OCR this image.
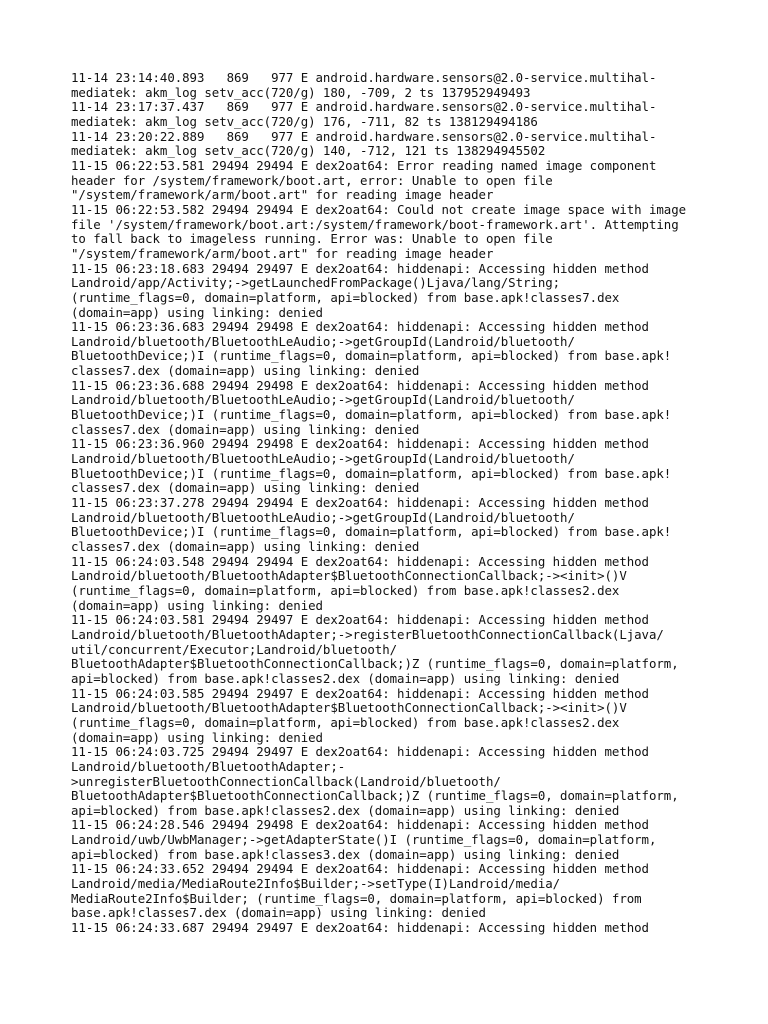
11-14 23:14:40.893   869   977 E android.hardware.sensors@2.0-service.multihal-

mediatek: akm_log setv_acc(720/g) 180, -709, 2 ts 137952949493

11-14 23:17:37.437   869   977 E android.hardware.sensors@2.0-service.multihal-

mediatek: akm_log setv_acc(720/g) 176, -711, 82 ts 138129494186

11-14 23:20:22.889   869   977 E android.hardware.sensors@2.0-service.multihal-

mediatek: akm_log setv_acc(720/g) 140, -712, 121 ts 138294945502

11-15 06:22:53.581 29494 29494 E dex2oat64: Error reading named image component

header for /system/framework/boot.art, error: Unable to open file

"/system/framework/arm/boot.art" for reading image header

11-15 06:22:53.582 29494 29494 E dex2oat64: Could not create image space with image

file '/system/framework/boot.art:/system/framework/boot-framework.art'. Attempting

to fall back to imageless running. Error was: Unable to open file

"/system/framework/arm/boot.art" for reading image header

11-15 06:23:18.683 29494 29497 E dex2oat64: hiddenapi: Accessing hidden method

Landroid/app/Activity;->getLaunchedFromPackage()Ljava/lang/String;

(runtime_flags=0, domain=platform, api=blocked) from base.apk!classes7.dex

(domain=app) using linking: denied

11-15 06:23:36.683 29494 29498 E dex2oat64: hiddenapi: Accessing hidden method

Landroid/bluetooth/BluetoothLeAudio;->getGroupId(Landroid/bluetooth/

BluetoothDevice;)I (runtime_flags=0, domain=platform, api=blocked) from base.apk!

classes7.dex (domain=app) using linking: denied

11-15 06:23:36.688 29494 29498 E dex2oat64: hiddenapi: Accessing hidden method

Landroid/bluetooth/BluetoothLeAudio;->getGroupId(Landroid/bluetooth/

BluetoothDevice;)I (runtime_flags=0, domain=platform, api=blocked) from base.apk!

classes7.dex (domain=app) using linking: denied

11-15 06:23:36.960 29494 29498 E dex2oat64: hiddenapi: Accessing hidden method

Landroid/bluetooth/BluetoothLeAudio;->getGroupId(Landroid/bluetooth/

BluetoothDevice;)I (runtime_flags=0, domain=platform, api=blocked) from base.apk!

classes7.dex (domain=app) using linking: denied

11-15 06:23:37.278 29494 29494 E dex2oat64: hiddenapi: Accessing hidden method

Landroid/bluetooth/BluetoothLeAudio;->getGroupId(Landroid/bluetooth/

BluetoothDevice;)I (runtime_flags=0, domain=platform, api=blocked) from base.apk!

classes7.dex (domain=app) using linking: denied

11-15 06:24:03.548 29494 29494 E dex2oat64: hiddenapi: Accessing hidden method

Landroid/bluetooth/BluetoothAdapter$BluetoothConnectionCallback;-><init>()V

(runtime_flags=0, domain=platform, api=blocked) from base.apk!classes2.dex

(domain=app) using linking: denied

11-15 06:24:03.581 29494 29497 E dex2oat64: hiddenapi: Accessing hidden method

Landroid/bluetooth/BluetoothAdapter;->registerBluetoothConnectionCallback(Ljava/

util/concurrent/Executor;Landroid/bluetooth/

BluetoothAdapter$BluetoothConnectionCallback;)Z (runtime_flags=0, domain=platform,

api=blocked) from base.apk!classes2.dex (domain=app) using linking: denied

11-15 06:24:03.585 29494 29497 E dex2oat64: hiddenapi: Accessing hidden method

Landroid/bluetooth/BluetoothAdapter$BluetoothConnectionCallback;-><init>()V

(runtime_flags=0, domain=platform, api=blocked) from base.apk!classes2.dex

(domain=app) using linking: denied

11-15 06:24:03.725 29494 29497 E dex2oat64: hiddenapi: Accessing hidden method

Landroid/bluetooth/BluetoothAdapter;-

>unregisterBluetoothConnectionCallback(Landroid/bluetooth/

BluetoothAdapter$BluetoothConnectionCallback;)Z (runtime_flags=0, domain=platform,

api=blocked) from base.apk!classes2.dex (domain=app) using linking: denied

11-15 06:24:28.546 29494 29498 E dex2oat64: hiddenapi: Accessing hidden method

Landroid/uwb/UwbManager;->getAdapterState()I (runtime_flags=0, domain=platform,

api=blocked) from base.apk!classes3.dex (domain=app) using linking: denied

11-15 06:24:33.652 29494 29494 E dex2oat64: hiddenapi: Accessing hidden method

Landroid/media/MediaRoute2Info$Builder;->setType(I)Landroid/media/

MediaRoute2Info$Builder; (runtime_flags=0, domain=platform, api=blocked) from

base.apk!classes7.dex (domain=app) using linking: denied

11-15 06:24:33.687 29494 29497 E dex2oat64: hiddenapi: Accessing hidden method
